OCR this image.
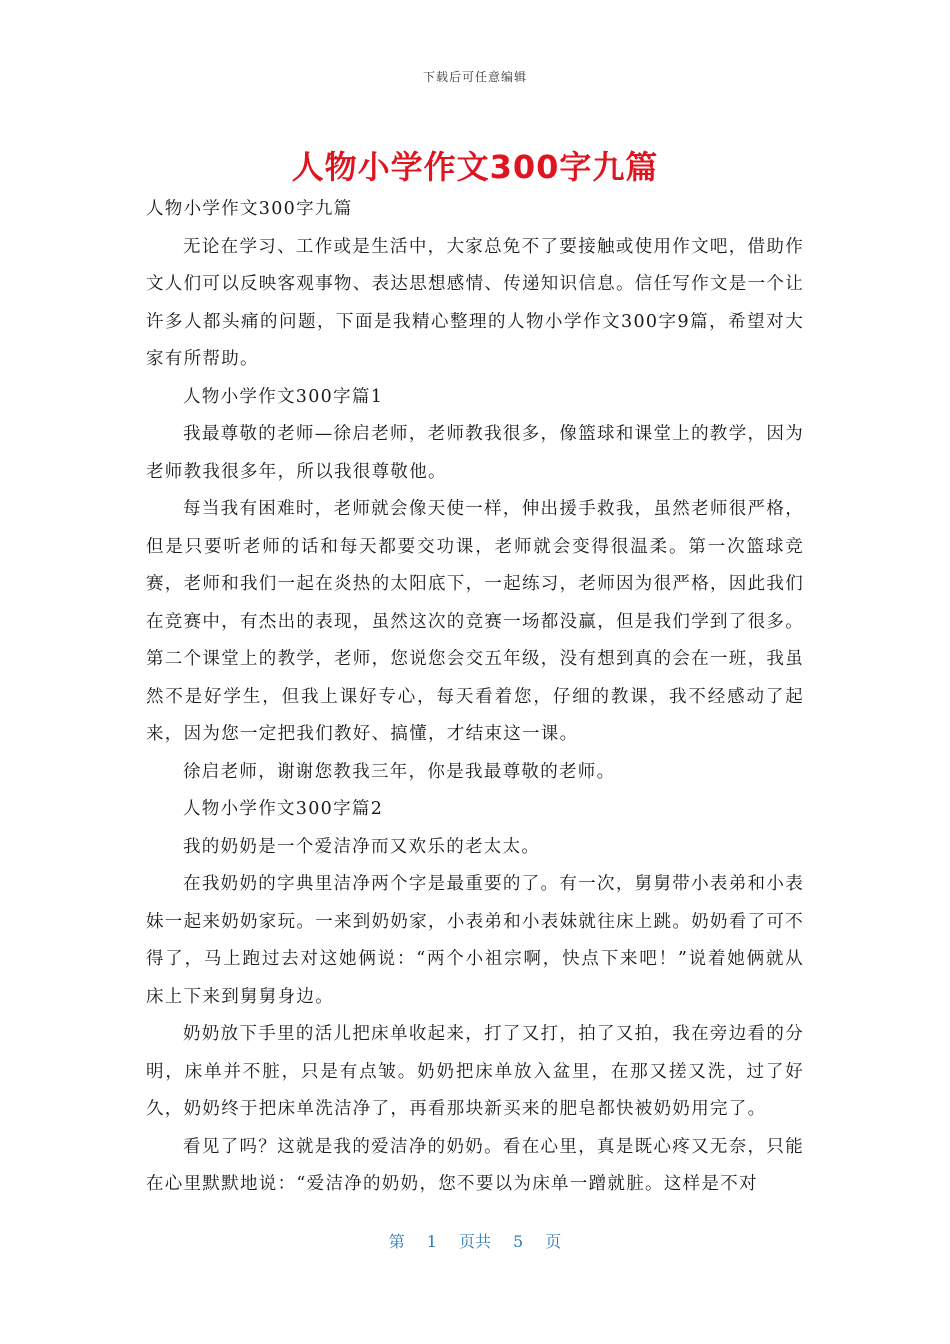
下载后可任意编辑
人物小学作文300字九篇

人物小学作文300字九篇

无论在学习、工作或是生活中，大家总免不了要接触或使用作文吧，借助作文人们可以反映客观事物、表达思想感情、传递知识信息。信任写作文是一个让许多人都头痛的问题，下面是我精心整理的人物小学作文300字9篇，希望对大家有所帮助。

人物小学作文300字篇1

我最尊敬的老师—徐启老师，老师教我很多，像篮球和课堂上的教学，因为老师教我很多年，所以我很尊敬他。

每当我有困难时，老师就会像天使一样，伸出援手救我，虽然老师很严格，但是只要听老师的话和每天都要交功课，老师就会变得很温柔。第一次篮球竞赛，老师和我们一起在炎热的太阳底下，一起练习，老师因为很严格，因此我们在竞赛中，有杰出的表现，虽然这次的竞赛一场都没赢，但是我们学到了很多。第二个课堂上的教学，老师，您说您会交五年级，没有想到真的会在一班，我虽然不是好学生，但我上课好专心，每天看着您，仔细的教课，我不经感动了起来，因为您一定把我们教好、搞懂，才结束这一课。

徐启老师，谢谢您教我三年，你是我最尊敬的老师。

人物小学作文300字篇2

我的奶奶是一个爱洁净而又欢乐的老太太。

在我奶奶的字典里洁净两个字是最重要的了。有一次，舅舅带小表弟和小表妹一起来奶奶家玩。一来到奶奶家，小表弟和小表妹就往床上跳。奶奶看了可不得了，马上跑过去对这她俩说：“两个小祖宗啊，快点下来吧！”说着她俩就从床上下来到舅舅身边。

奶奶放下手里的活儿把床单收起来，打了又打，拍了又拍，我在旁边看的分明，床单并不脏，只是有点皱。奶奶把床单放入盆里，在那又搓又洗，过了好久，奶奶终于把床单洗洁净了，再看那块新买来的肥皂都快被奶奶用完了。

看见了吗？这就是我的爱洁净的奶奶。看在心里，真是既心疼又无奈，只能在心里默默地说：“爱洁净的奶奶，您不要以为床单一蹭就脏。这样是不对

第 1 页共 5 页
